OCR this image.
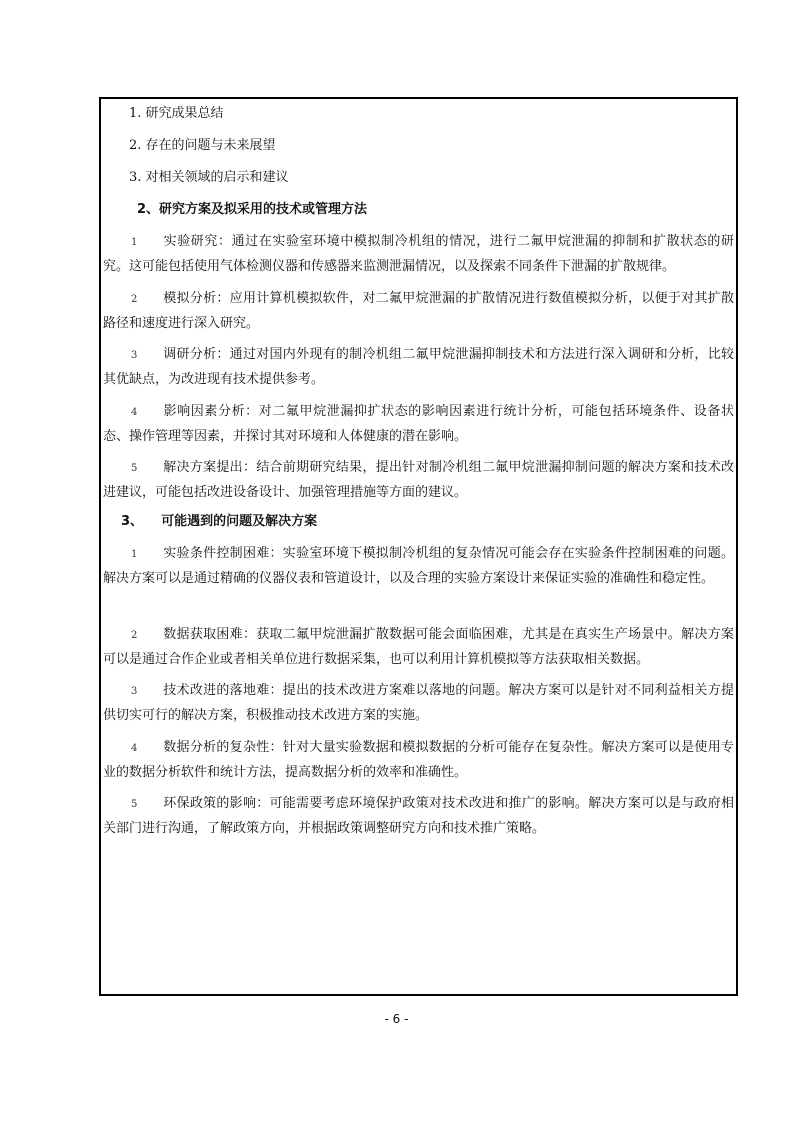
1. 研究成果总结
2. 存在的问题与未来展望
3. 对相关领域的启示和建议
2、研究方案及拟采用的技术或管理方法
1 实验研究：通过在实验室环境中模拟制冷机组的情况，进行二氟甲烷泄漏的抑制和扩散状态的研究。这可能包括使用气体检测仪器和传感器来监测泄漏情况，以及探索不同条件下泄漏的扩散规律。
2 模拟分析：应用计算机模拟软件，对二氟甲烷泄漏的扩散情况进行数值模拟分析，以便于对其扩散路径和速度进行深入研究。
3 调研分析：通过对国内外现有的制冷机组二氟甲烷泄漏抑制技术和方法进行深入调研和分析，比较其优缺点，为改进现有技术提供参考。
4 影响因素分析：对二氟甲烷泄漏抑扩状态的影响因素进行统计分析，可能包括环境条件、设备状态、操作管理等因素，并探讨其对环境和人体健康的潜在影响。
5 解决方案提出：结合前期研究结果，提出针对制冷机组二氟甲烷泄漏抑制问题的解决方案和技术改进建议，可能包括改进设备设计、加强管理措施等方面的建议。
3、    可能遇到的问题及解决方案
1 实验条件控制困难：实验室环境下模拟制冷机组的复杂情况可能会存在实验条件控制困难的问题。解决方案可以是通过精确的仪器仪表和管道设计，以及合理的实验方案设计来保证实验的准确性和稳定性。
2 数据获取困难：获取二氟甲烷泄漏扩散数据可能会面临困难，尤其是在真实生产场景中。解决方案可以是通过合作企业或者相关单位进行数据采集，也可以利用计算机模拟等方法获取相关数据。
3 技术改进的落地难：提出的技术改进方案难以落地的问题。解决方案可以是针对不同利益相关方提供切实可行的解决方案，积极推动技术改进方案的实施。
4 数据分析的复杂性：针对大量实验数据和模拟数据的分析可能存在复杂性。解决方案可以是使用专业的数据分析软件和统计方法，提高数据分析的效率和准确性。
5 环保政策的影响：可能需要考虑环境保护政策对技术改进和推广的影响。解决方案可以是与政府相关部门进行沟通，了解政策方向，并根据政策调整研究方向和技术推广策略。
- 6 -
